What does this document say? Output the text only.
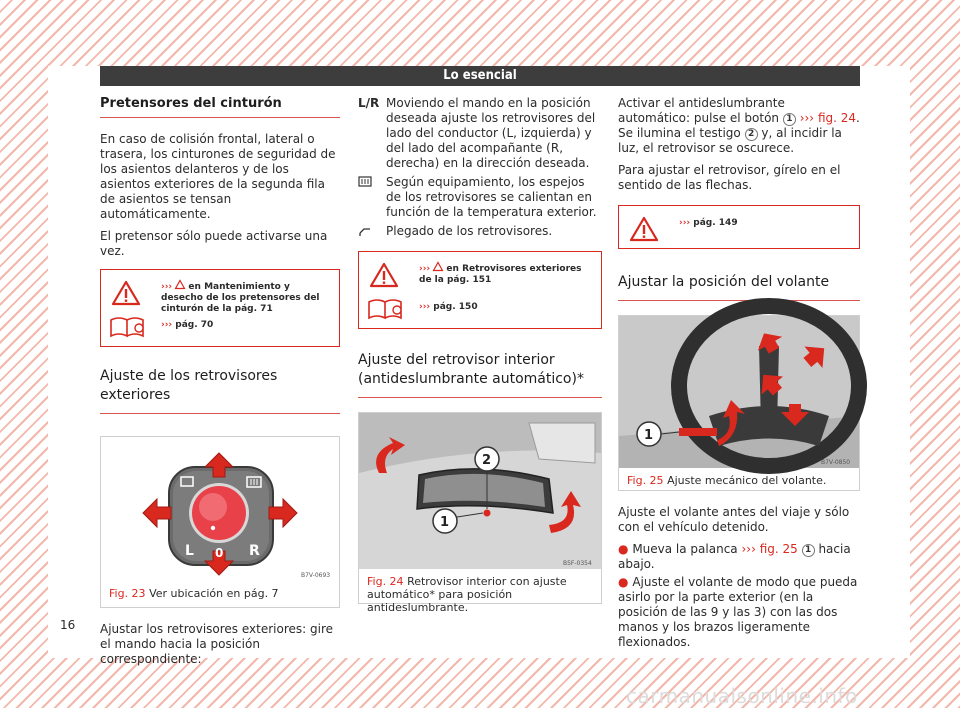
Lo esencial
Pretensores del cinturón

En caso de colisión frontal, lateral o trasera, los cinturones de seguridad de los asientos delanteros y de los asientos exteriores de la segunda fila de asientos se tensan automáticamente.

El pretensor sólo puede activarse una vez.

››› en Mantenimiento y desecho de los pretensores del cinturón de la pág. 71
››› pág. 70
Ajuste de los retrovisores exteriores
L 0 R
B7V-0693
Fig. 23 Ver ubicación en pág. 7

Ajustar los retrovisores exteriores: gire el mando hacia la posición correspondiente:

L/R Moviendo el mando en la posición deseada ajuste los retrovisores del lado del conductor (L, izquierda) y del lado del acompañante (R, derecha) en la dirección deseada.
Según equipamiento, los espejos de los retrovisores se calientan en función de la temperatura exterior.
Plegado de los retrovisores.
››› en Retrovisores exteriores de la pág. 151
››› pág. 150
Ajuste del retrovisor interior (antideslumbrante automático)*
2
1
B5F-0354
Fig. 24 Retrovisor interior con ajuste automático* para posición antideslumbrante.

Activar el antideslumbrante automático: pulse el botón 1 ››› fig. 24. Se ilumina el testigo 2 y, al incidir la luz, el retrovisor se oscurece.

Para ajustar el retrovisor, gírelo en el sentido de las flechas.

››› pág. 149
Ajustar la posición del volante
1
B7V-0850
Fig. 25 Ajuste mecánico del volante.

Ajuste el volante antes del viaje y sólo con el vehículo detenido.

● Mueva la palanca ››› fig. 25 1 hacia abajo.

● Ajuste el volante de modo que pueda asirlo por la parte exterior (en la posición de las 9 y las 3) con las dos manos y los brazos ligeramente flexionados.

16
carmanualsonline.info
